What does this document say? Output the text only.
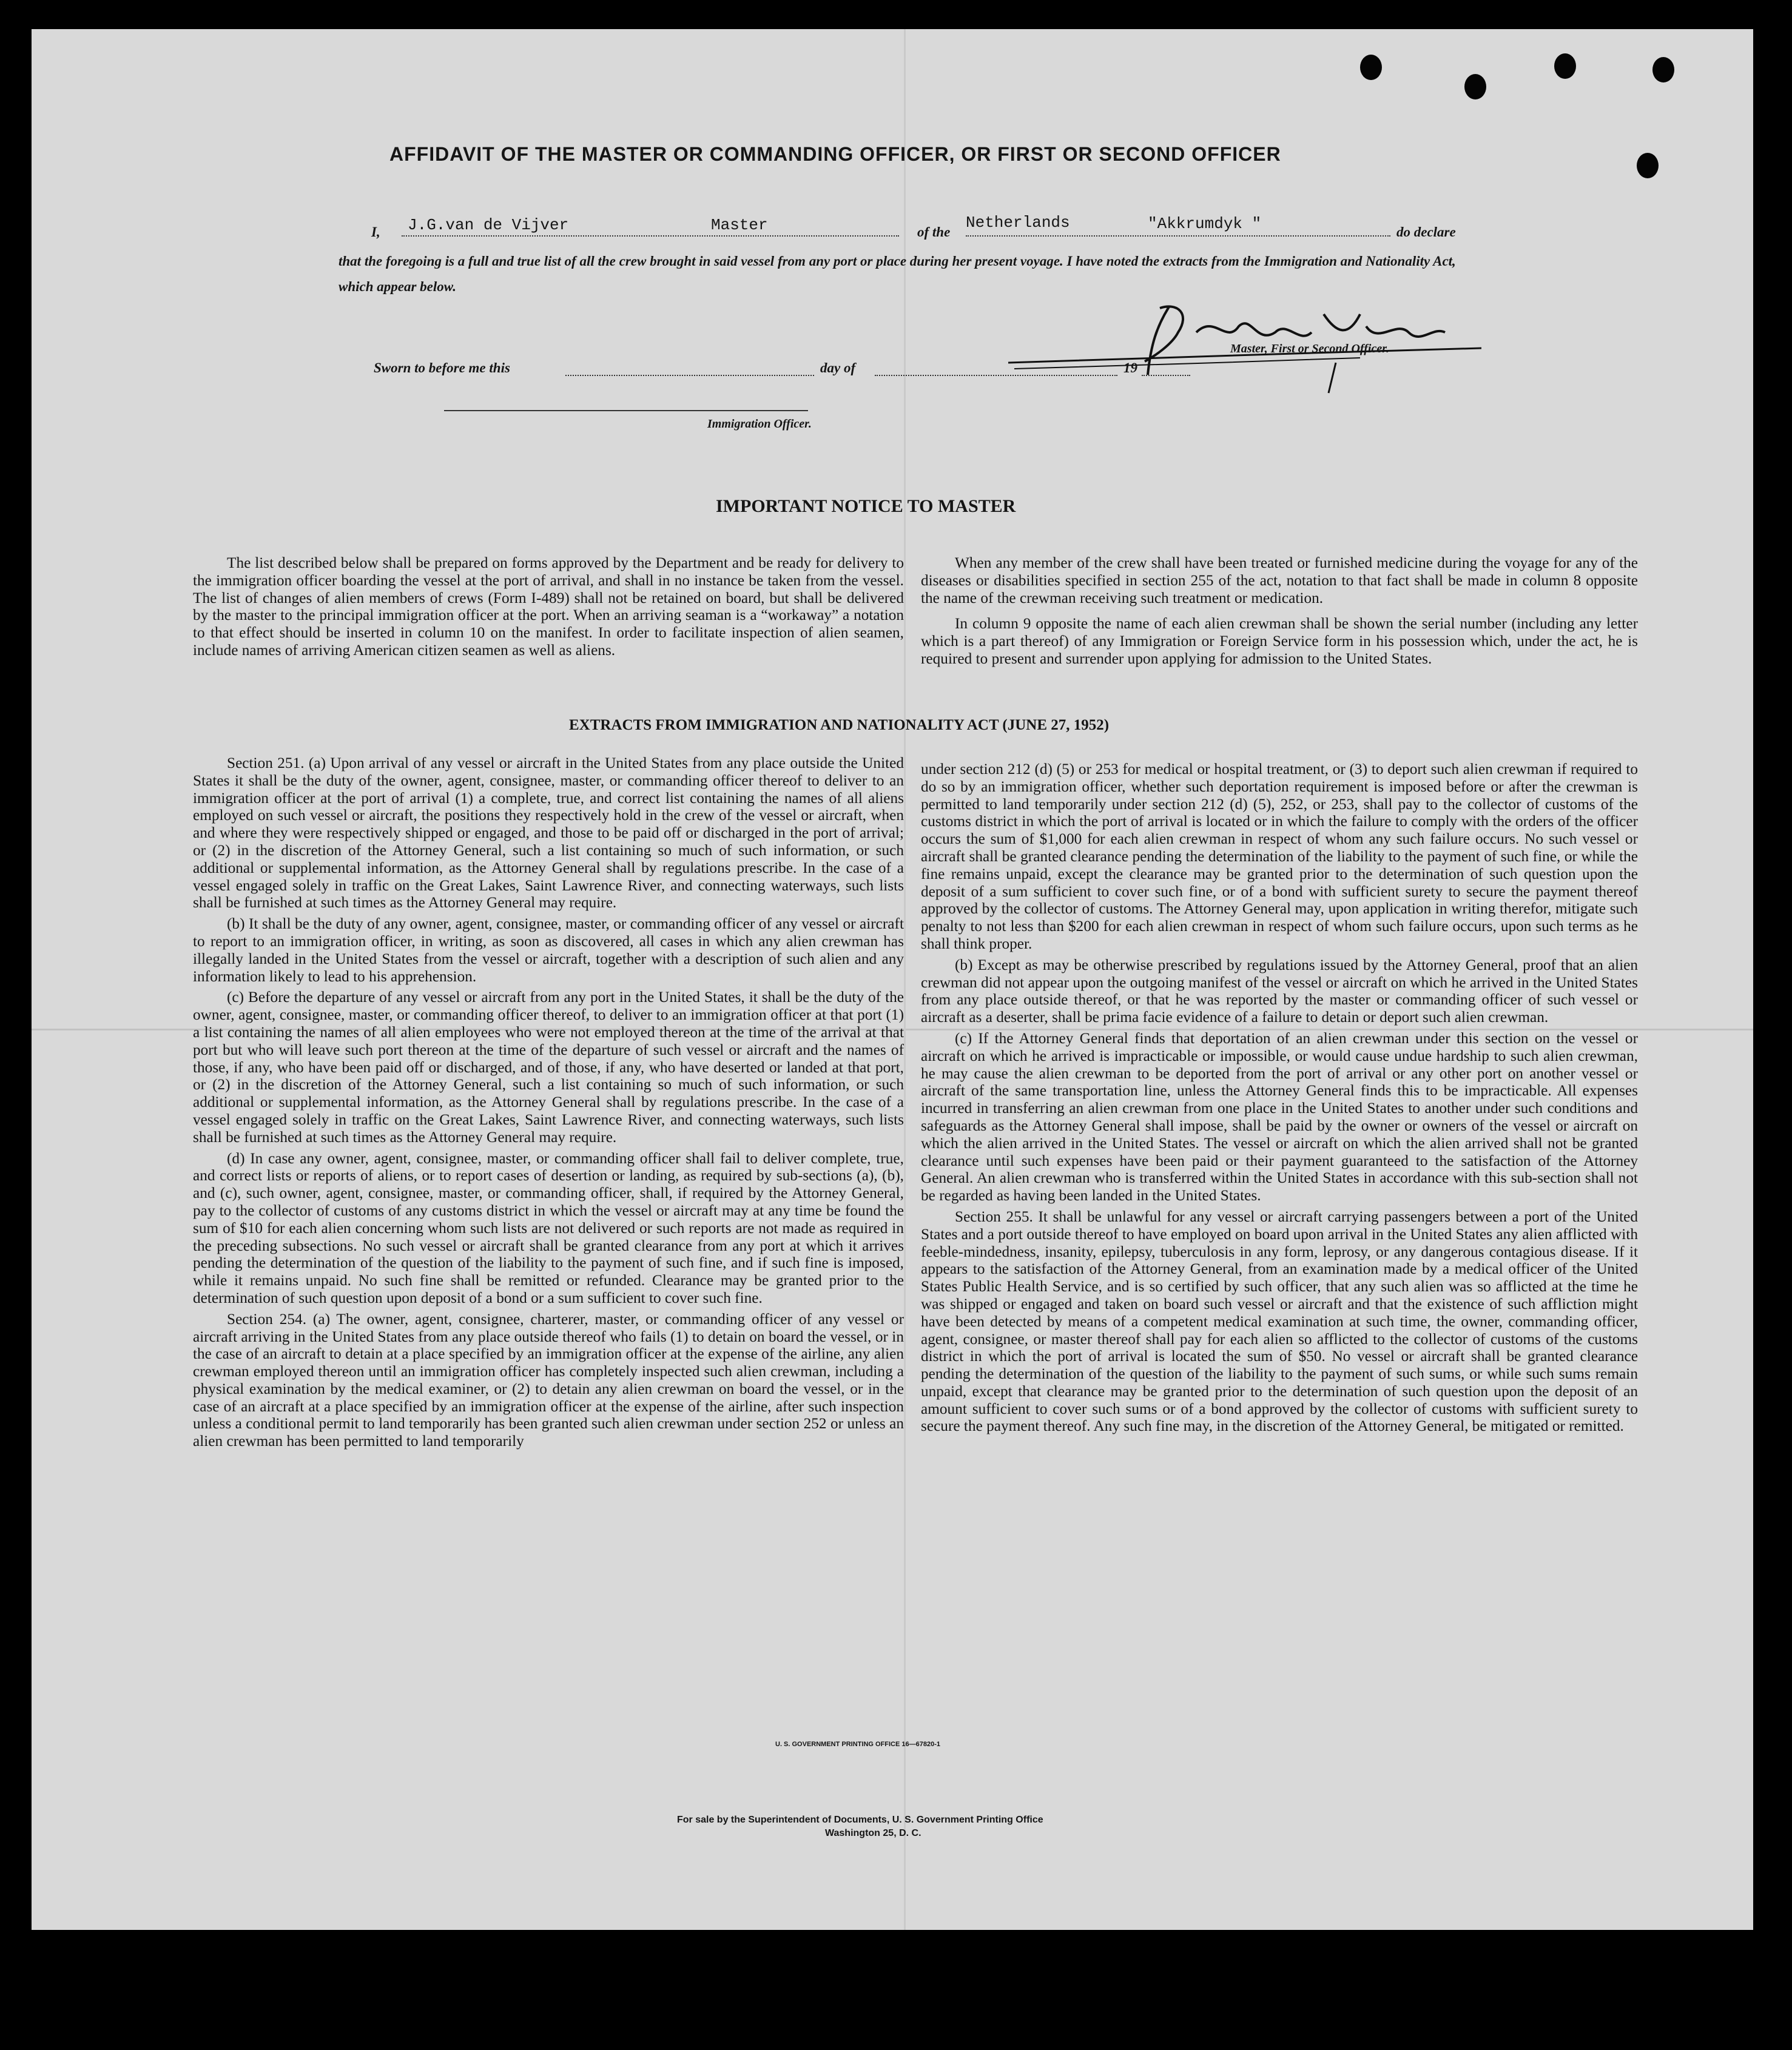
AFFIDAVIT OF THE MASTER OR COMMANDING OFFICER, OR FIRST OR SECOND OFFICER
I, J.G.van de Vijver	Master	of the
Netherlands	"Akkrumdyk "	do declare
that the foregoing is a full and true list of all the crew brought in said vessel from any port or place during her present voyage. I have noted the extracts from the Immigration and Nationality Act, which appear below.
Master, First or Second Officer.
Sworn to before me this	day of	19
Immigration Officer.
IMPORTANT NOTICE TO MASTER

The list described below shall be prepared on forms approved by the Department and be ready for delivery to the immigration officer boarding the vessel at the port of arrival, and shall in no instance be taken from the vessel. The list of changes of alien members of crews (Form I-489) shall not be retained on board, but shall be delivered by the master to the principal immigration officer at the port. When an arriving seaman is a “workaway” a notation to that effect should be inserted in column 10 on the manifest. In order to facilitate inspection of alien seamen, include names of arriving American citizen seamen as well as aliens.

When any member of the crew shall have been treated or furnished medicine during the voyage for any of the diseases or disabilities specified in section 255 of the act, notation to that fact shall be made in column 8 opposite the name of the crewman receiving such treatment or medication.

In column 9 opposite the name of each alien crewman shall be shown the serial number (including any letter which is a part thereof) of any Immigration or Foreign Service form in his possession which, under the act, he is required to present and surrender upon applying for admission to the United States.

EXTRACTS FROM IMMIGRATION AND NATIONALITY ACT (JUNE 27, 1952)

Section 251. (a) Upon arrival of any vessel or aircraft in the United States from any place outside the United States it shall be the duty of the owner, agent, consignee, master, or commanding officer thereof to deliver to an immigration officer at the port of arrival (1) a complete, true, and correct list containing the names of all aliens employed on such vessel or aircraft, the positions they respectively hold in the crew of the vessel or aircraft, when and where they were respectively shipped or engaged, and those to be paid off or discharged in the port of arrival; or (2) in the discretion of the Attorney General, such a list containing so much of such information, or such additional or supplemental information, as the Attorney General shall by regulations prescribe. In the case of a vessel engaged solely in traffic on the Great Lakes, Saint Lawrence River, and connecting waterways, such lists shall be furnished at such times as the Attorney General may require.

(b) It shall be the duty of any owner, agent, consignee, master, or commanding officer of any vessel or aircraft to report to an immigration officer, in writing, as soon as discovered, all cases in which any alien crewman has illegally landed in the United States from the vessel or aircraft, together with a description of such alien and any information likely to lead to his apprehension.

(c) Before the departure of any vessel or aircraft from any port in the United States, it shall be the duty of the owner, agent, consignee, master, or commanding officer thereof, to deliver to an immigration officer at that port (1) a list containing the names of all alien employees who were not employed thereon at the time of the arrival at that port but who will leave such port thereon at the time of the departure of such vessel or aircraft and the names of those, if any, who have been paid off or discharged, and of those, if any, who have deserted or landed at that port, or (2) in the discretion of the Attorney General, such a list containing so much of such information, or such additional or supplemental information, as the Attorney General shall by regulations prescribe. In the case of a vessel engaged solely in traffic on the Great Lakes, Saint Lawrence River, and connecting waterways, such lists shall be furnished at such times as the Attorney General may require.

(d) In case any owner, agent, consignee, master, or commanding officer shall fail to deliver complete, true, and correct lists or reports of aliens, or to report cases of desertion or landing, as required by sub-sections (a), (b), and (c), such owner, agent, consignee, master, or commanding officer, shall, if required by the Attorney General, pay to the collector of customs of any customs district in which the vessel or aircraft may at any time be found the sum of $10 for each alien concerning whom such lists are not delivered or such reports are not made as required in the preceding subsections. No such vessel or aircraft shall be granted clearance from any port at which it arrives pending the determination of the question of the liability to the payment of such fine, and if such fine is imposed, while it remains unpaid. No such fine shall be remitted or refunded. Clearance may be granted prior to the determination of such question upon deposit of a bond or a sum sufficient to cover such fine.

Section 254. (a) The owner, agent, consignee, charterer, master, or commanding officer of any vessel or aircraft arriving in the United States from any place outside thereof who fails (1) to detain on board the vessel, or in the case of an aircraft to detain at a place specified by an immigration officer at the expense of the airline, any alien crewman employed thereon until an immigration officer has completely inspected such alien crewman, including a physical examination by the medical examiner, or (2) to detain any alien crewman on board the vessel, or in the case of an aircraft at a place specified by an immigration officer at the expense of the airline, after such inspection unless a conditional permit to land temporarily has been granted such alien crewman under section 252 or unless an alien crewman has been permitted to land temporarily

under section 212 (d) (5) or 253 for medical or hospital treatment, or (3) to deport such alien crewman if required to do so by an immigration officer, whether such deportation requirement is imposed before or after the crewman is permitted to land temporarily under section 212 (d) (5), 252, or 253, shall pay to the collector of customs of the customs district in which the port of arrival is located or in which the failure to comply with the orders of the officer occurs the sum of $1,000 for each alien crewman in respect of whom any such failure occurs. No such vessel or aircraft shall be granted clearance pending the determination of the liability to the payment of such fine, or while the fine remains unpaid, except the clearance may be granted prior to the determination of such question upon the deposit of a sum sufficient to cover such fine, or of a bond with sufficient surety to secure the payment thereof approved by the collector of customs. The Attorney General may, upon application in writing therefor, mitigate such penalty to not less than $200 for each alien crewman in respect of whom such failure occurs, upon such terms as he shall think proper.

(b) Except as may be otherwise prescribed by regulations issued by the Attorney General, proof that an alien crewman did not appear upon the outgoing manifest of the vessel or aircraft on which he arrived in the United States from any place outside thereof, or that he was reported by the master or commanding officer of such vessel or aircraft as a deserter, shall be prima facie evidence of a failure to detain or deport such alien crewman.

(c) If the Attorney General finds that deportation of an alien crewman under this section on the vessel or aircraft on which he arrived is impracticable or impossible, or would cause undue hardship to such alien crewman, he may cause the alien crewman to be deported from the port of arrival or any other port on another vessel or aircraft of the same transportation line, unless the Attorney General finds this to be impracticable. All expenses incurred in transferring an alien crewman from one place in the United States to another under such conditions and safeguards as the Attorney General shall impose, shall be paid by the owner or owners of the vessel or aircraft on which the alien arrived in the United States. The vessel or aircraft on which the alien arrived shall not be granted clearance until such expenses have been paid or their payment guaranteed to the satisfaction of the Attorney General. An alien crewman who is transferred within the United States in accordance with this sub-section shall not be regarded as having been landed in the United States.

Section 255. It shall be unlawful for any vessel or aircraft carrying passengers between a port of the United States and a port outside thereof to have employed on board upon arrival in the United States any alien afflicted with feeble-mindedness, insanity, epilepsy, tuberculosis in any form, leprosy, or any dangerous contagious disease. If it appears to the satisfaction of the Attorney General, from an examination made by a medical officer of the United States Public Health Service, and is so certified by such officer, that any such alien was so afflicted at the time he was shipped or engaged and taken on board such vessel or aircraft and that the existence of such affliction might have been detected by means of a competent medical examination at such time, the owner, commanding officer, agent, consignee, or master thereof shall pay for each alien so afflicted to the collector of customs of the customs district in which the port of arrival is located the sum of $50. No vessel or aircraft shall be granted clearance pending the determination of the question of the liability to the payment of such sums, or while such sums remain unpaid, except that clearance may be granted prior to the determination of such question upon the deposit of an amount sufficient to cover such sums or of a bond approved by the collector of customs with sufficient surety to secure the payment thereof. Any such fine may, in the discretion of the Attorney General, be mitigated or remitted.

U. S. GOVERNMENT PRINTING OFFICE 16—67820-1
For sale by the Superintendent of Documents, U. S. Government Printing Office
Washington 25, D. C.
